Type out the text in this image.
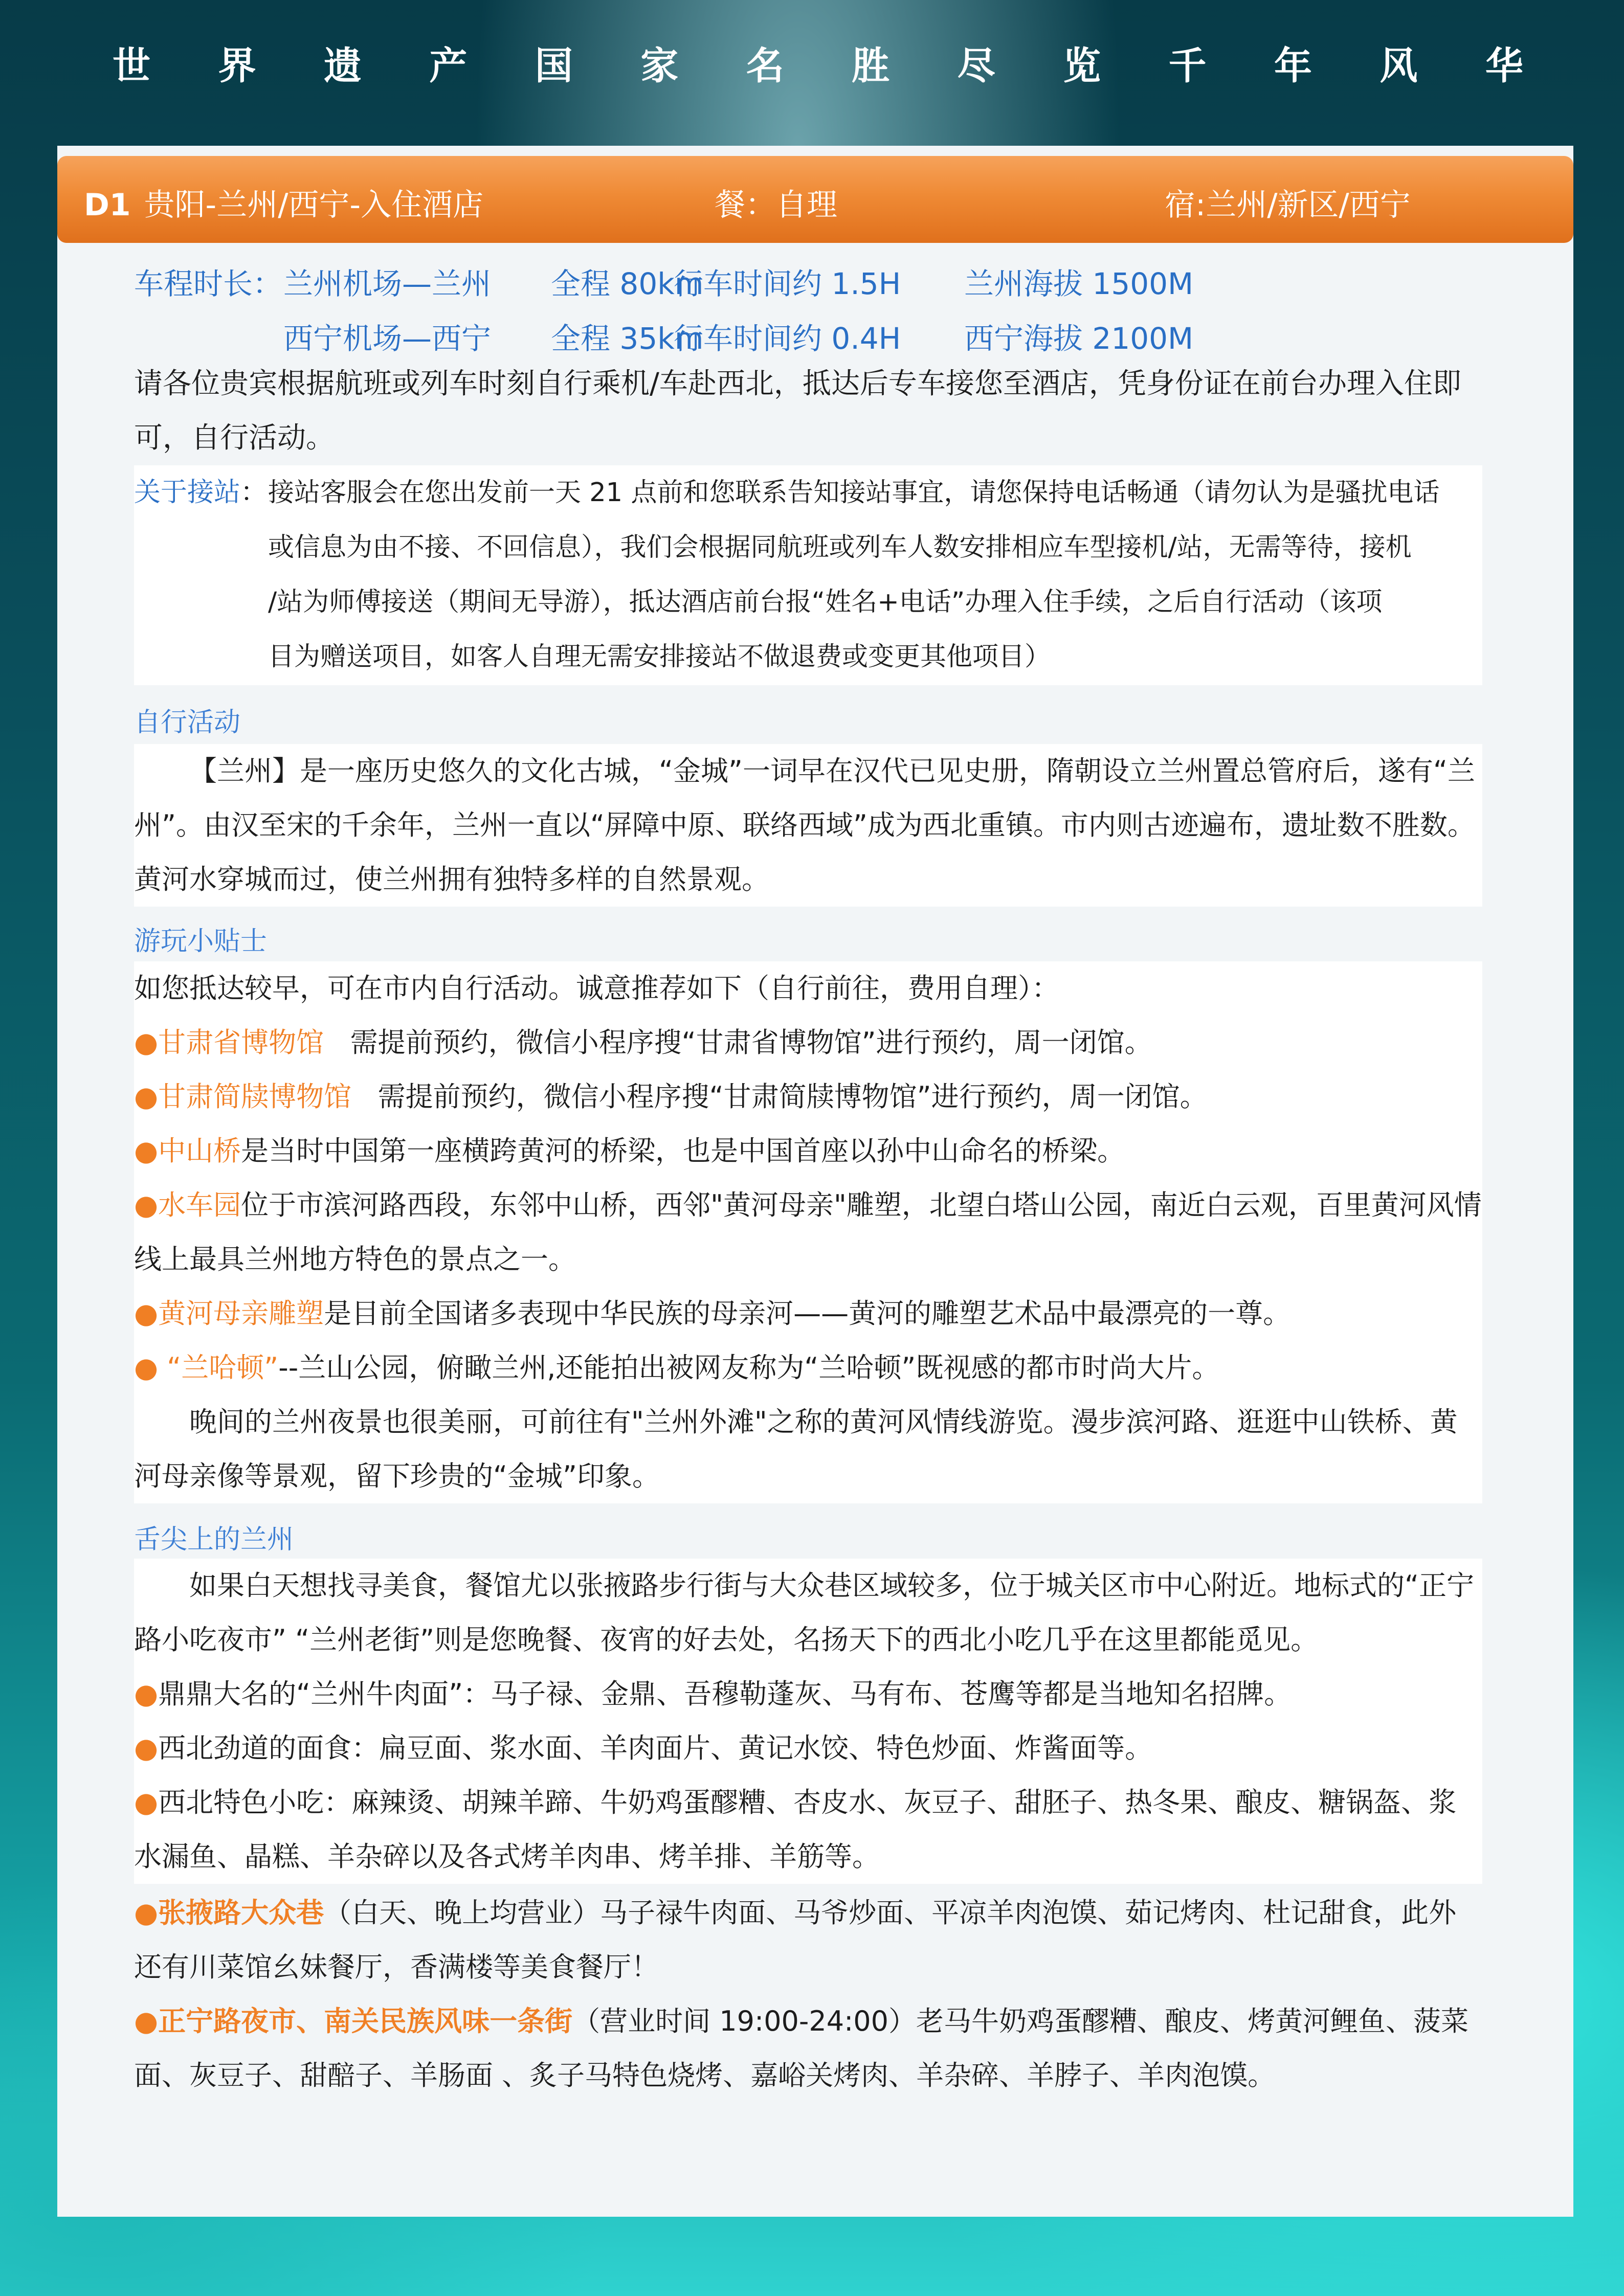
世 界 遗 产 国 家 名 胜 尽 览 千 年 风 华
D1 贵阳-兰州/西宁-入住酒店	餐：自理	宿:兰州/新区/西宁
车程时长： 兰州机场—兰州 全程 80km
行车时间约 1.5H 兰州海拔 1500M
西宁机场—西宁 全程 35km
行车时间约 0.4H 西宁海拔 2100M
请各位贵宾根据航班或列车时刻自行乘机/车赴西北，抵达后专车接您至酒店，凭身份证在前台办理入住即可，自行活动。
关于接站： 接站客服会在您出发前一天 21 点前和您联系告知接站事宜，请您保持电话畅通（请勿认为是骚扰电话
或信息为由不接、不回信息），我们会根据同航班或列车人数安排相应车型接机/站，无需等待，接机
/站为师傅接送（期间无导游），抵达酒店前台报“姓名+电话”办理入住手续，之后自行活动（该项
目为赠送项目，如客人自理无需安排接站不做退费或变更其他项目）
自行活动
【兰州】是一座历史悠久的文化古城，“金城”一词早在汉代已见史册，隋朝设立兰州置总管府后，遂有“兰州”。由汉至宋的千余年，兰州一直以“屏障中原、联络西域”成为西北重镇。市内则古迹遍布，遗址数不胜数。黄河水穿城而过，使兰州拥有独特多样的自然景观。
游玩小贴士
如您抵达较早，可在市内自行活动。诚意推荐如下（自行前往，费用自理）：
●甘肃省博物馆   需提前预约，微信小程序搜“甘肃省博物馆”进行预约，周一闭馆。
●甘肃简牍博物馆   需提前预约，微信小程序搜“甘肃简牍博物馆”进行预约，周一闭馆。
●中山桥是当时中国第一座横跨黄河的桥梁，也是中国首座以孙中山命名的桥梁。
●水车园位于市滨河路西段，东邻中山桥，西邻"黄河母亲"雕塑，北望白塔山公园，南近白云观，百里黄河风情线上最具兰州地方特色的景点之一。
●黄河母亲雕塑是目前全国诸多表现中华民族的母亲河——黄河的雕塑艺术品中最漂亮的一尊。
● “兰哈顿”--兰山公园，俯瞰兰州,还能拍出被网友称为“兰哈顿”既视感的都市时尚大片。
晚间的兰州夜景也很美丽，可前往有"兰州外滩"之称的黄河风情线游览。漫步滨河路、逛逛中山铁桥、黄河母亲像等景观，留下珍贵的“金城”印象。
舌尖上的兰州
如果白天想找寻美食，餐馆尤以张掖路步行街与大众巷区域较多，位于城关区市中心附近。地标式的“正宁路小吃夜市” “兰州老街”则是您晚餐、夜宵的好去处，名扬天下的西北小吃几乎在这里都能觅见。
●鼎鼎大名的“兰州牛肉面”：马子禄、金鼎、吾穆勒蓬灰、马有布、苍鹰等都是当地知名招牌。
●西北劲道的面食：扁豆面、浆水面、羊肉面片、黄记水饺、特色炒面、炸酱面等。
●西北特色小吃：麻辣烫、胡辣羊蹄、牛奶鸡蛋醪糟、杏皮水、灰豆子、甜胚子、热冬果、酿皮、糖锅盔、浆水漏鱼、晶糕、羊杂碎以及各式烤羊肉串、烤羊排、羊筋等。
●张掖路大众巷（白天、晚上均营业）马子禄牛肉面、马爷炒面、平凉羊肉泡馍、茹记烤肉、杜记甜食，此外还有川菜馆幺妹餐厅，香满楼等美食餐厅！
●正宁路夜市、南关民族风味一条街（营业时间 19:00-24:00）老马牛奶鸡蛋醪糟、酿皮、烤黄河鲤鱼、菠菜面、灰豆子、甜醅子、羊肠面 、炙子马特色烧烤、嘉峪关烤肉、羊杂碎、羊脖子、羊肉泡馍。
